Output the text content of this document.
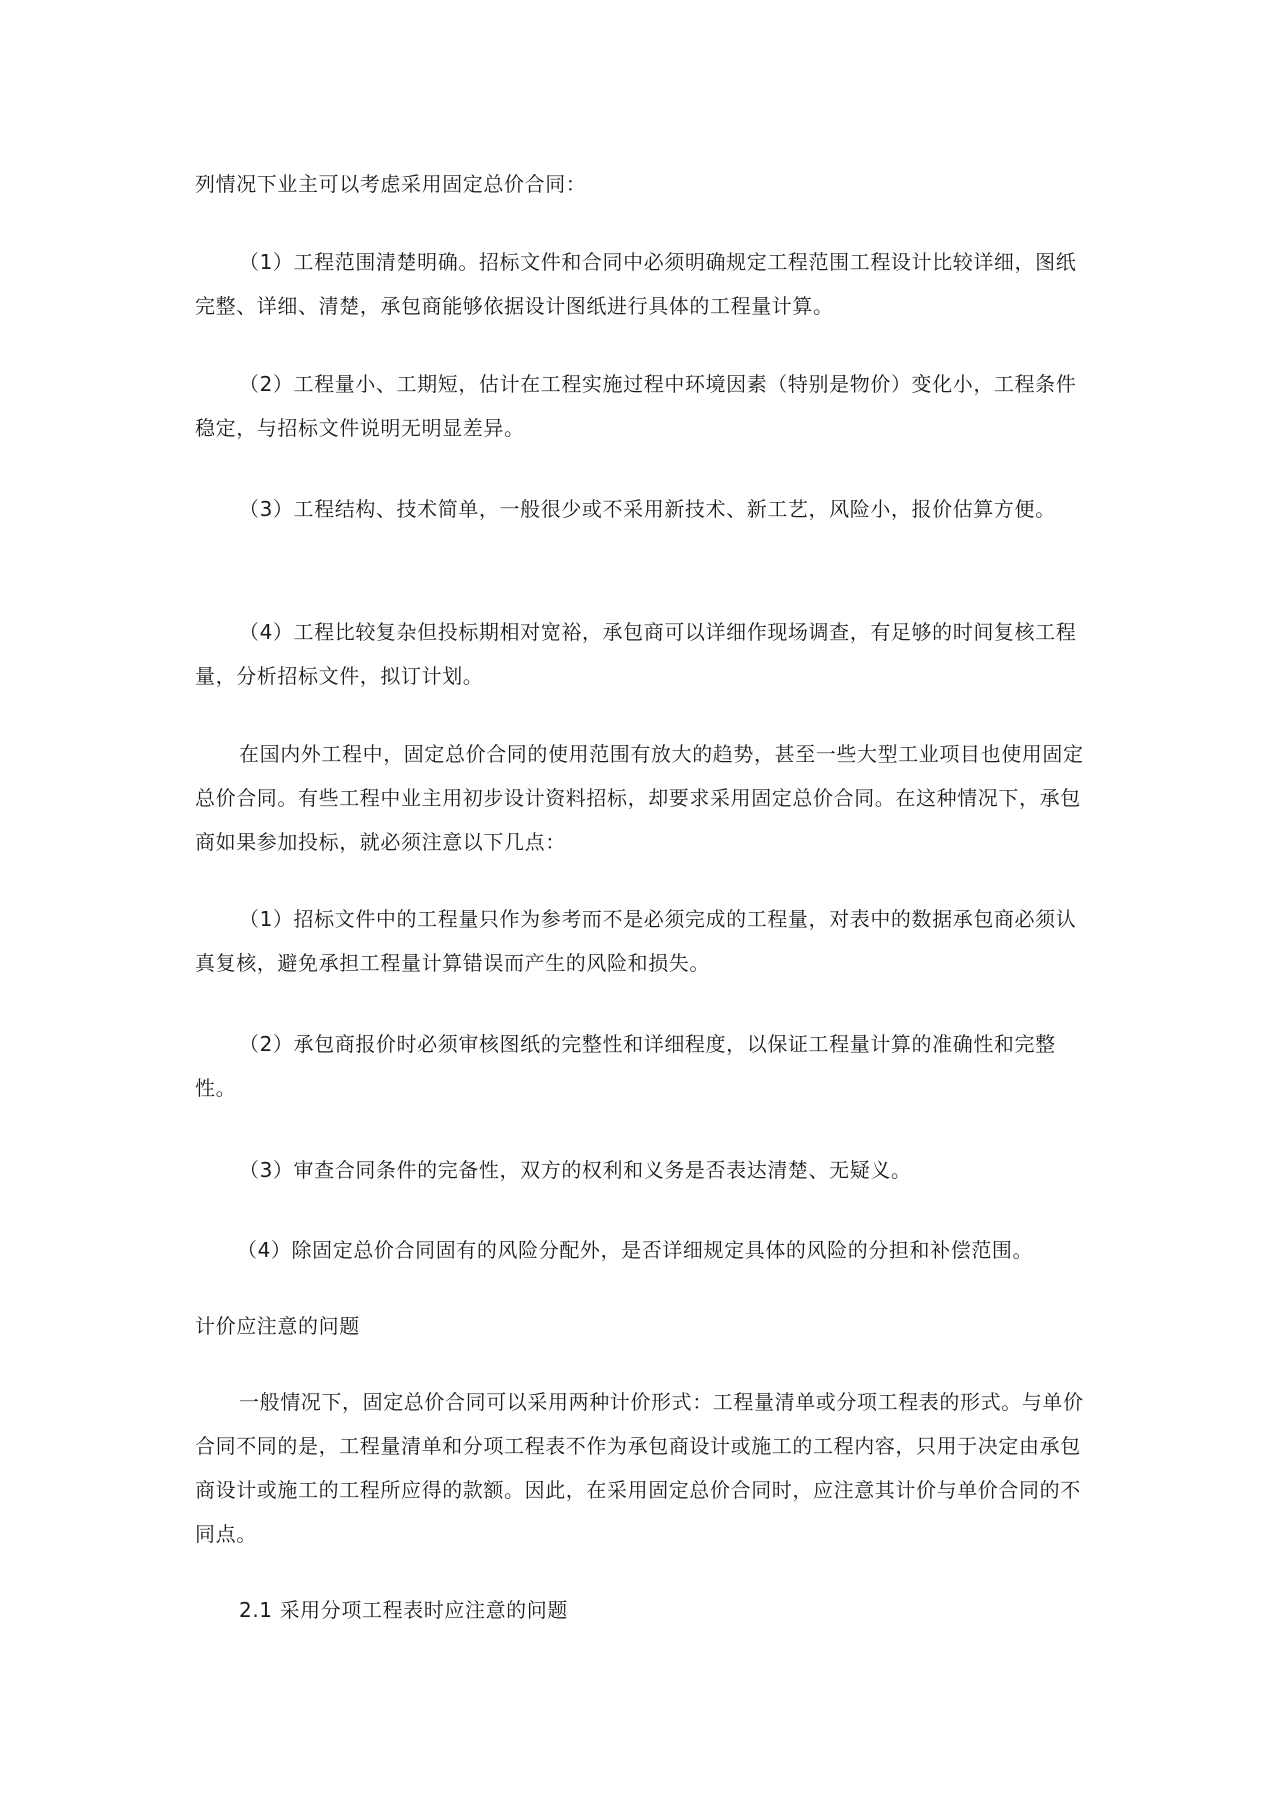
列情况下业主可以考虑采用固定总价合同：

（1）工程范围清楚明确。招标文件和合同中必须明确规定工程范围工程设计比较详细，图纸完整、详细、清楚，承包商能够依据设计图纸进行具体的工程量计算。

（2）工程量小、工期短，估计在工程实施过程中环境因素（特别是物价）变化小，工程条件稳定，与招标文件说明无明显差异。

（3）工程结构、技术简单，一般很少或不采用新技术、新工艺，风险小，报价估算方便。

（4）工程比较复杂但投标期相对宽裕，承包商可以详细作现场调查，有足够的时间复核工程量，分析招标文件，拟订计划。

在国内外工程中，固定总价合同的使用范围有放大的趋势，甚至一些大型工业项目也使用固定总价合同。有些工程中业主用初步设计资料招标，却要求采用固定总价合同。在这种情况下，承包商如果参加投标，就必须注意以下几点：

（1）招标文件中的工程量只作为参考而不是必须完成的工程量，对表中的数据承包商必须认真复核，避免承担工程量计算错误而产生的风险和损失。

（2）承包商报价时必须审核图纸的完整性和详细程度，以保证工程量计算的准确性和完整性。

（3）审查合同条件的完备性，双方的权利和义务是否表达清楚、无疑义。

（4）除固定总价合同固有的风险分配外，是否详细规定具体的风险的分担和补偿范围。

计价应注意的问题

一般情况下，固定总价合同可以采用两种计价形式：工程量清单或分项工程表的形式。与单价合同不同的是，工程量清单和分项工程表不作为承包商设计或施工的工程内容，只用于决定由承包商设计或施工的工程所应得的款额。因此，在采用固定总价合同时，应注意其计价与单价合同的不同点。

2.1 采用分项工程表时应注意的问题
